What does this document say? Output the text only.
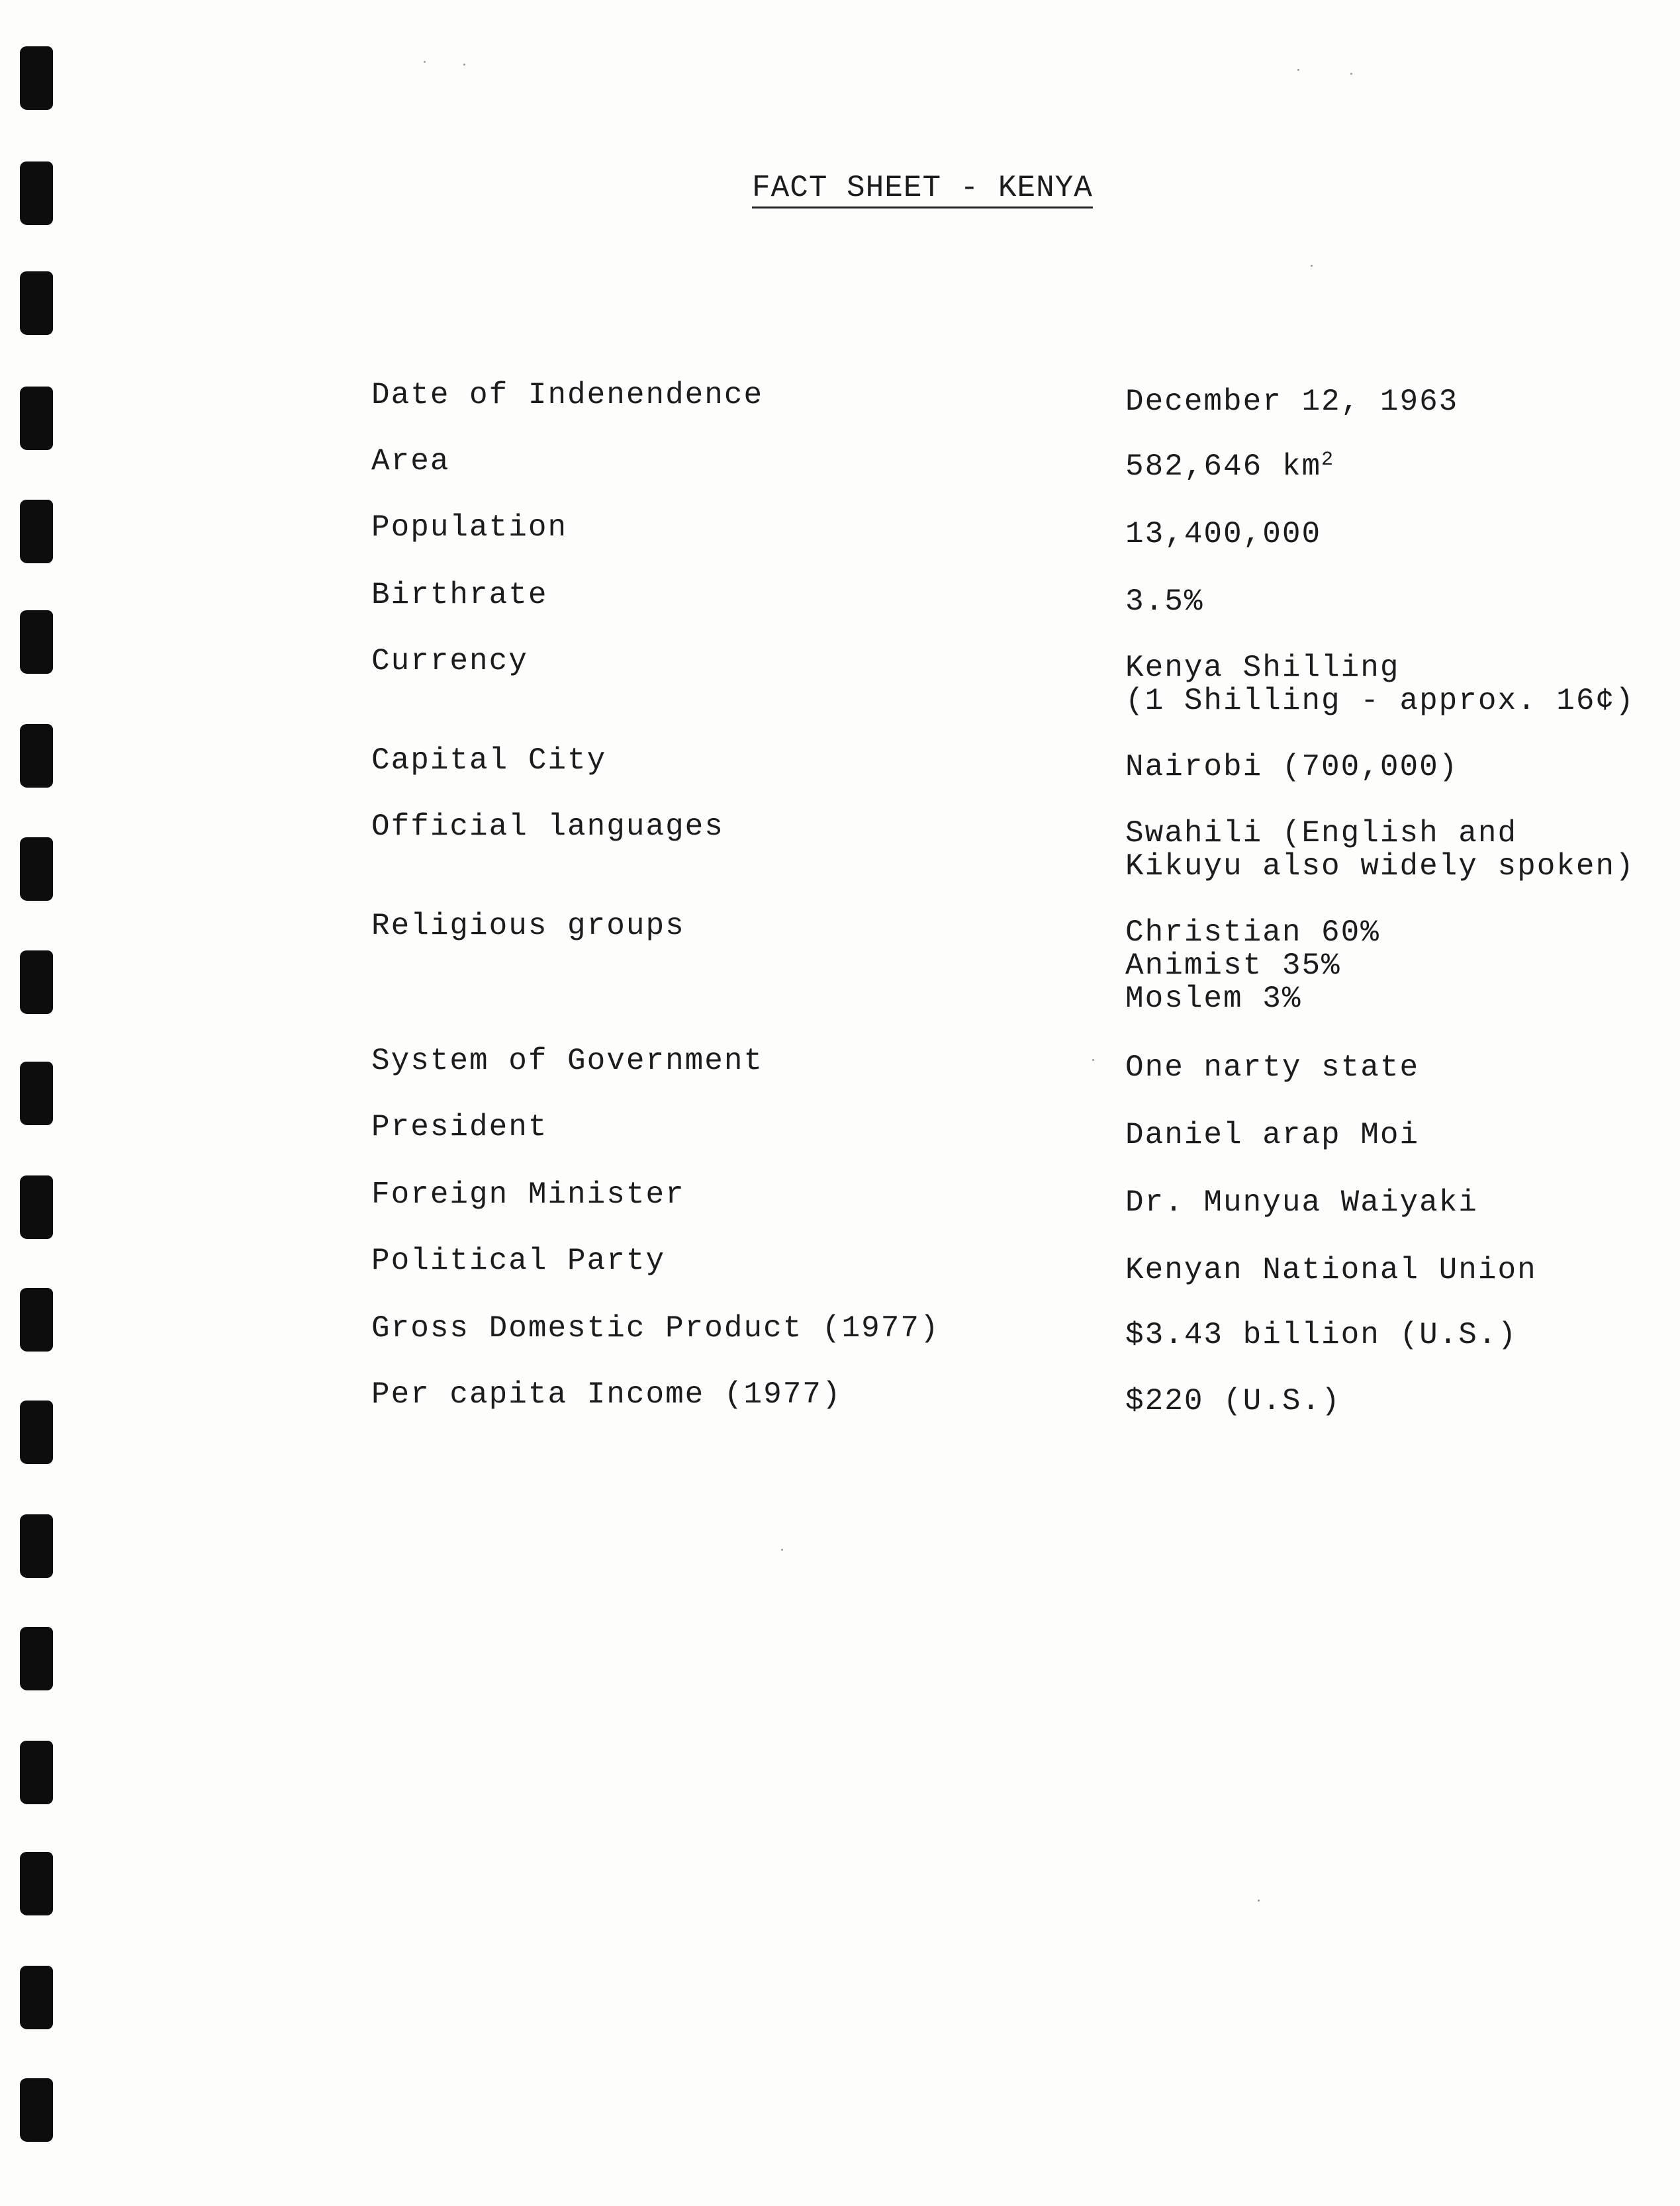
FACT SHEET - KENYA
Date of Indenendence	December 12, 1963
Area	582,646 $km^2$
Population	13,400,000
Birthrate	3.5%
Currency	Kenya Shilling
(1 Shilling - approx. 16¢)
Capital City	Nairobi (700,000)
Official languages	Swahili (English and
Kikuyu also widely spoken)
Religious groups	Christian 60%
Animist 35%
Moslem 3%
System of Government	One narty state
President	Daniel arap Moi
Foreign Minister	Dr. Munyua Waiyaki
Political Party	Kenyan National Union
Gross Domestic Product (1977)	$3.43 billion (U.S.)
Per capita Income (1977)	$220 (U.S.)
